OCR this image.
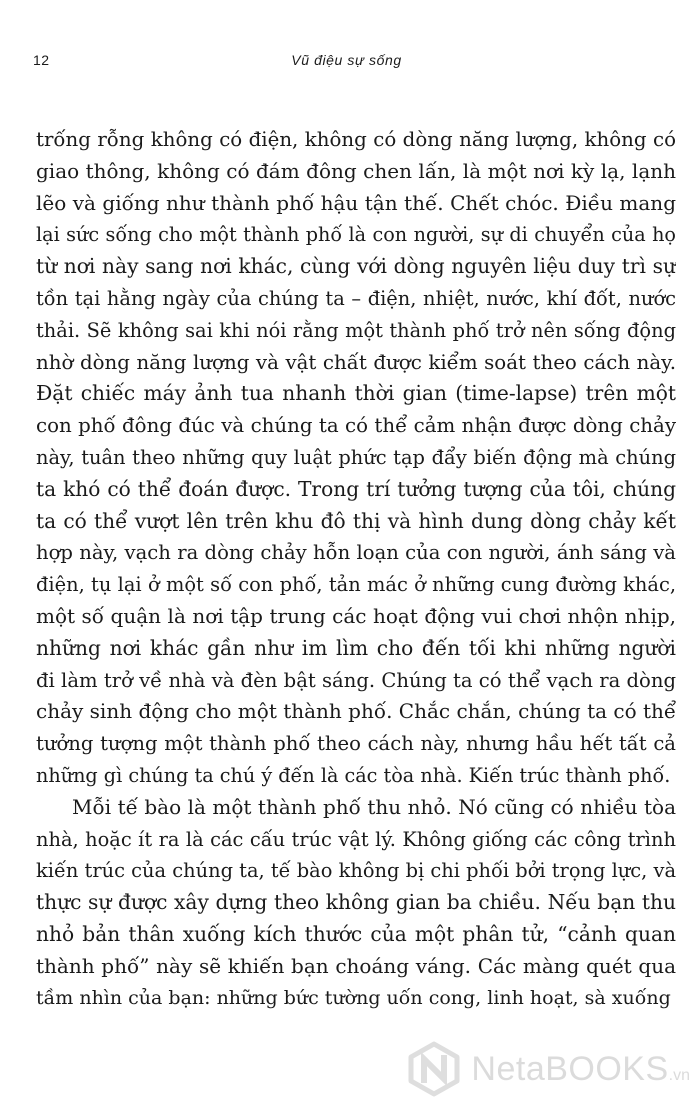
12	Vũ điệu sự sống
trống rỗng không có điện, không có dòng năng lượng, không có
giao thông, không có đám đông chen lấn, là một nơi kỳ lạ, lạnh
lẽo và giống như thành phố hậu tận thế. Chết chóc. Điều mang
lại sức sống cho một thành phố là con người, sự di chuyển của họ
từ nơi này sang nơi khác, cùng với dòng nguyên liệu duy trì sự
tồn tại hằng ngày của chúng ta – điện, nhiệt, nước, khí đốt, nước
thải. Sẽ không sai khi nói rằng một thành phố trở nên sống động
nhờ dòng năng lượng và vật chất được kiểm soát theo cách này.
Đặt chiếc máy ảnh tua nhanh thời gian (time-lapse) trên một
con phố đông đúc và chúng ta có thể cảm nhận được dòng chảy
này, tuân theo những quy luật phức tạp đẩy biến động mà chúng
ta khó có thể đoán được. Trong trí tưởng tượng của tôi, chúng
ta có thể vượt lên trên khu đô thị và hình dung dòng chảy kết
hợp này, vạch ra dòng chảy hỗn loạn của con người, ánh sáng và
điện, tụ lại ở một số con phố, tản mác ở những cung đường khác,
một số quận là nơi tập trung các hoạt động vui chơi nhộn nhịp,
những nơi khác gần như im lìm cho đến tối khi những người
đi làm trở về nhà và đèn bật sáng. Chúng ta có thể vạch ra dòng
chảy sinh động cho một thành phố. Chắc chắn, chúng ta có thể
tưởng tượng một thành phố theo cách này, nhưng hầu hết tất cả
những gì chúng ta chú ý đến là các tòa nhà. Kiến trúc thành phố.
Mỗi tế bào là một thành phố thu nhỏ. Nó cũng có nhiều tòa
nhà, hoặc ít ra là các cấu trúc vật lý. Không giống các công trình
kiến trúc của chúng ta, tế bào không bị chi phối bởi trọng lực, và
thực sự được xây dựng theo không gian ba chiều. Nếu bạn thu
nhỏ bản thân xuống kích thước của một phân tử, “cảnh quan
thành phố” này sẽ khiến bạn choáng váng. Các màng quét qua
tầm nhìn của bạn: những bức tường uốn cong, linh hoạt, sà xuống
NetaBOOKS.vn
